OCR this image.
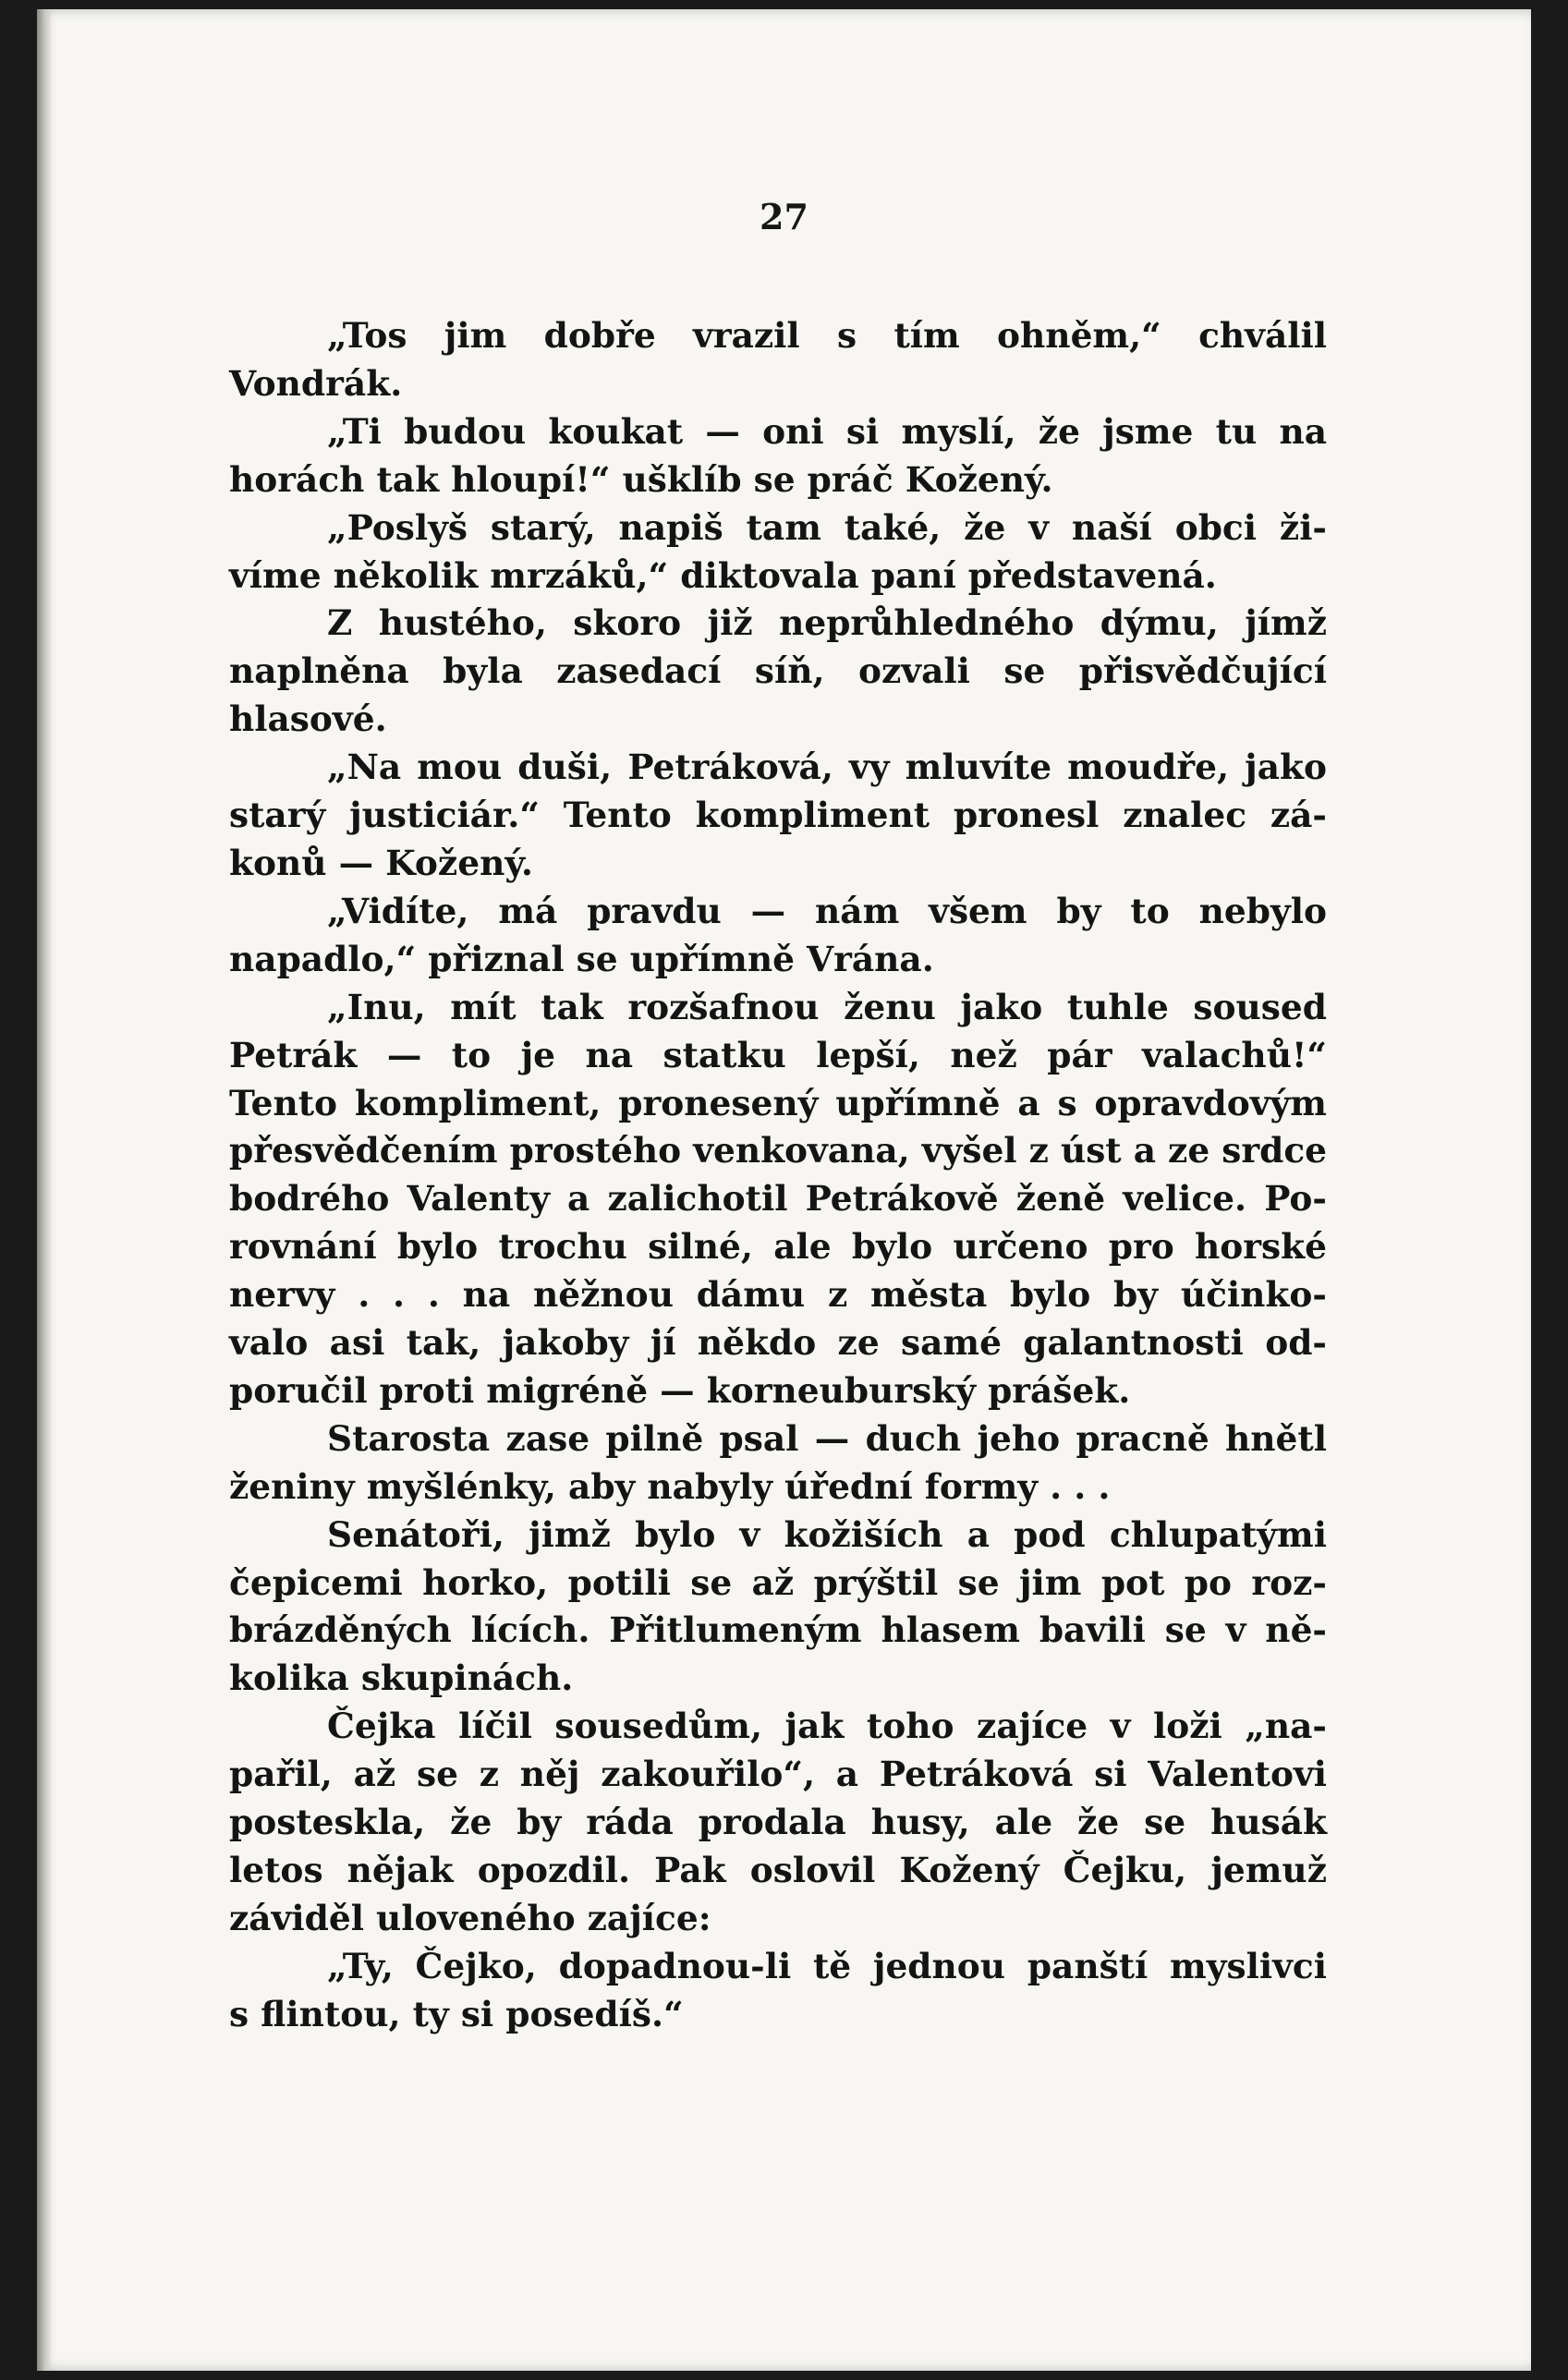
27
„Tos jim dobře vrazil s tím ohněm,“ chválil
Vondrák.
„Ti budou koukat — oni si myslí, že jsme tu na
horách tak hloupí!“ ušklíb se práč Kožený.
„Poslyš starý, napiš tam také, že v naší obci ži-
víme několik mrzáků,“ diktovala paní představená.
Z hustého, skoro již neprůhledného dýmu, jímž
naplněna byla zasedací síň, ozvali se přisvědčující
hlasové.
„Na mou duši, Petráková, vy mluvíte moudře, jako
starý justiciár.“ Tento kompliment pronesl znalec zá-
konů — Kožený.
„Vidíte, má pravdu — nám všem by to nebylo
napadlo,“ přiznal se upřímně Vrána.
„Inu, mít tak rozšafnou ženu jako tuhle soused
Petrák — to je na statku lepší, než pár valachů!“
Tento kompliment, pronesený upřímně a s opravdovým
přesvědčením prostého venkovana, vyšel z úst a ze srdce
bodrého Valenty a zalichotil Petrákově ženě velice. Po-
rovnání bylo trochu silné, ale bylo určeno pro horské
nervy . . . na něžnou dámu z města bylo by účinko-
valo asi tak, jakoby jí někdo ze samé galantnosti od-
poručil proti migréně — korneuburský prášek.
Starosta zase pilně psal — duch jeho pracně hnětl
ženiny myšlénky, aby nabyly úřední formy . . .
Senátoři, jimž bylo v kožiších a pod chlupatými
čepicemi horko, potili se až prýštil se jim pot po roz-
brázděných lících. Přitlumeným hlasem bavili se v ně-
kolika skupinách.
Čejka líčil sousedům, jak toho zajíce v loži „na-
pařil, až se z něj zakouřilo“, a Petráková si Valentovi
posteskla, že by ráda prodala husy, ale že se husák
letos nějak opozdil. Pak oslovil Kožený Čejku, jemuž
záviděl uloveného zajíce:
„Ty, Čejko, dopadnou-li tě jednou panští myslivci
s flintou, ty si posedíš.“
